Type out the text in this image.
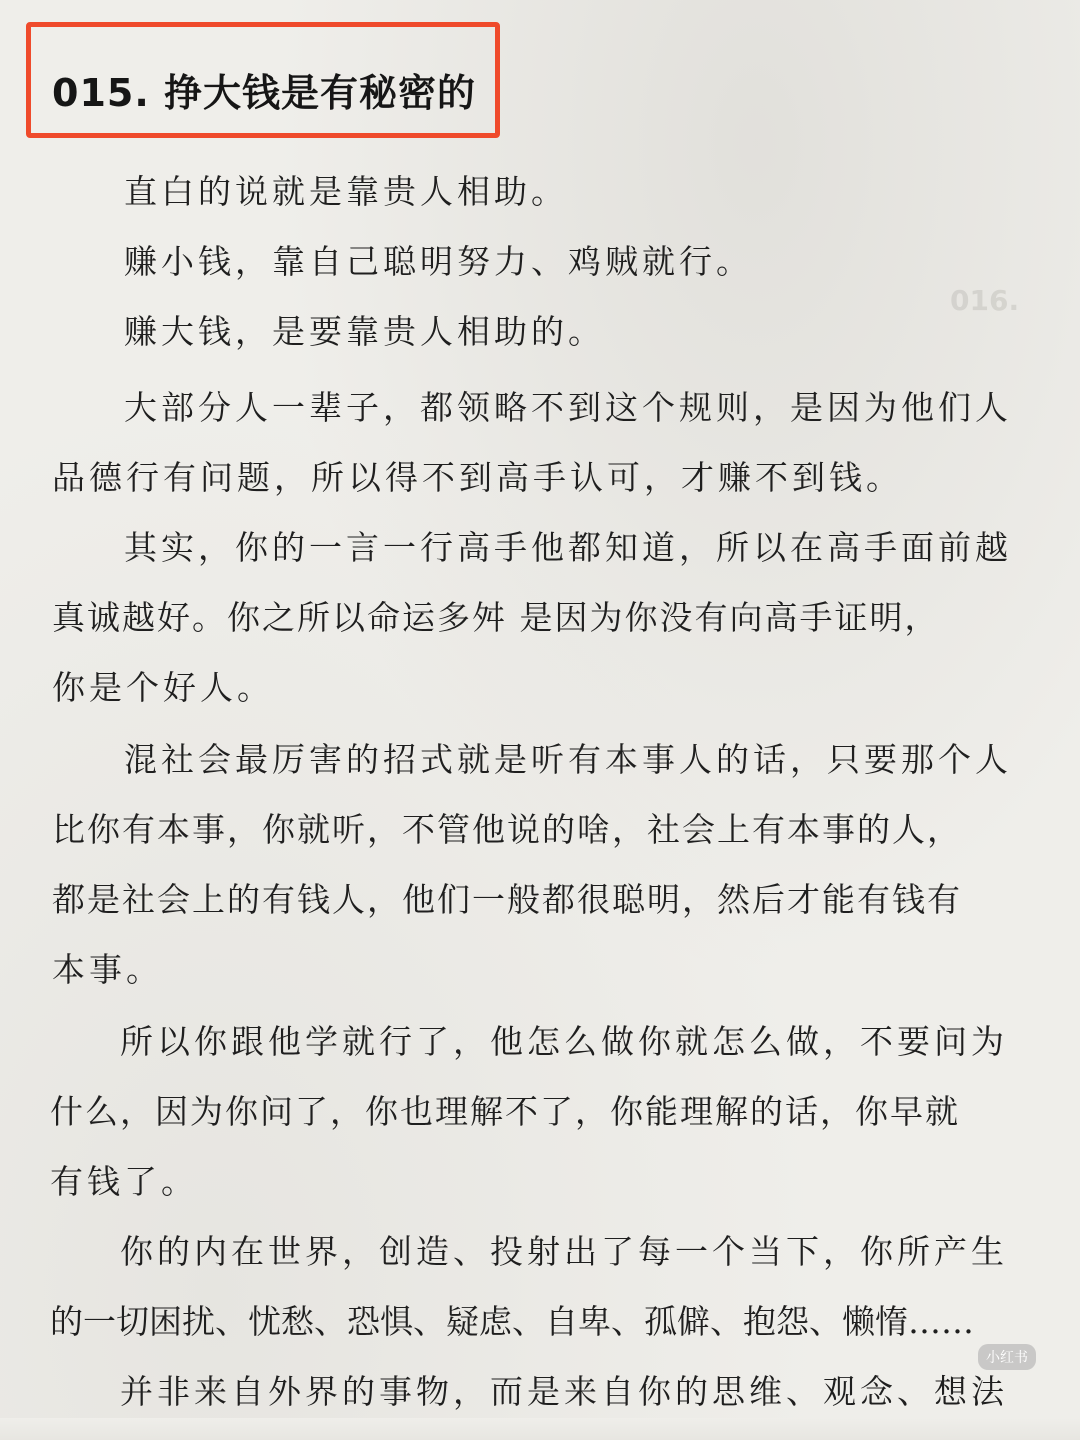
016.
015. 挣大钱是有秘密的
直白的说就是靠贵人相助。
赚小钱，靠自己聪明努力、鸡贼就行。
赚大钱，是要靠贵人相助的。
大部分人一辈子，都领略不到这个规则，是因为他们人
品德行有问题，所以得不到高手认可，才赚不到钱。
其实，你的一言一行高手他都知道，所以在高手面前越
真诚越好。你之所以命运多舛 是因为你没有向高手证明，
你是个好人。
混社会最厉害的招式就是听有本事人的话，只要那个人
比你有本事，你就听，不管他说的啥，社会上有本事的人，
都是社会上的有钱人，他们一般都很聪明，然后才能有钱有
本事。
所以你跟他学就行了，他怎么做你就怎么做，不要问为
什么，因为你问了，你也理解不了，你能理解的话，你早就
有钱了。
你的内在世界，创造、投射出了每一个当下，你所产生
的一切困扰、忧愁、恐惧、疑虑、自卑、孤僻、抱怨、懒惰……
并非来自外界的事物，而是来自你的思维、观念、想法
小红书
